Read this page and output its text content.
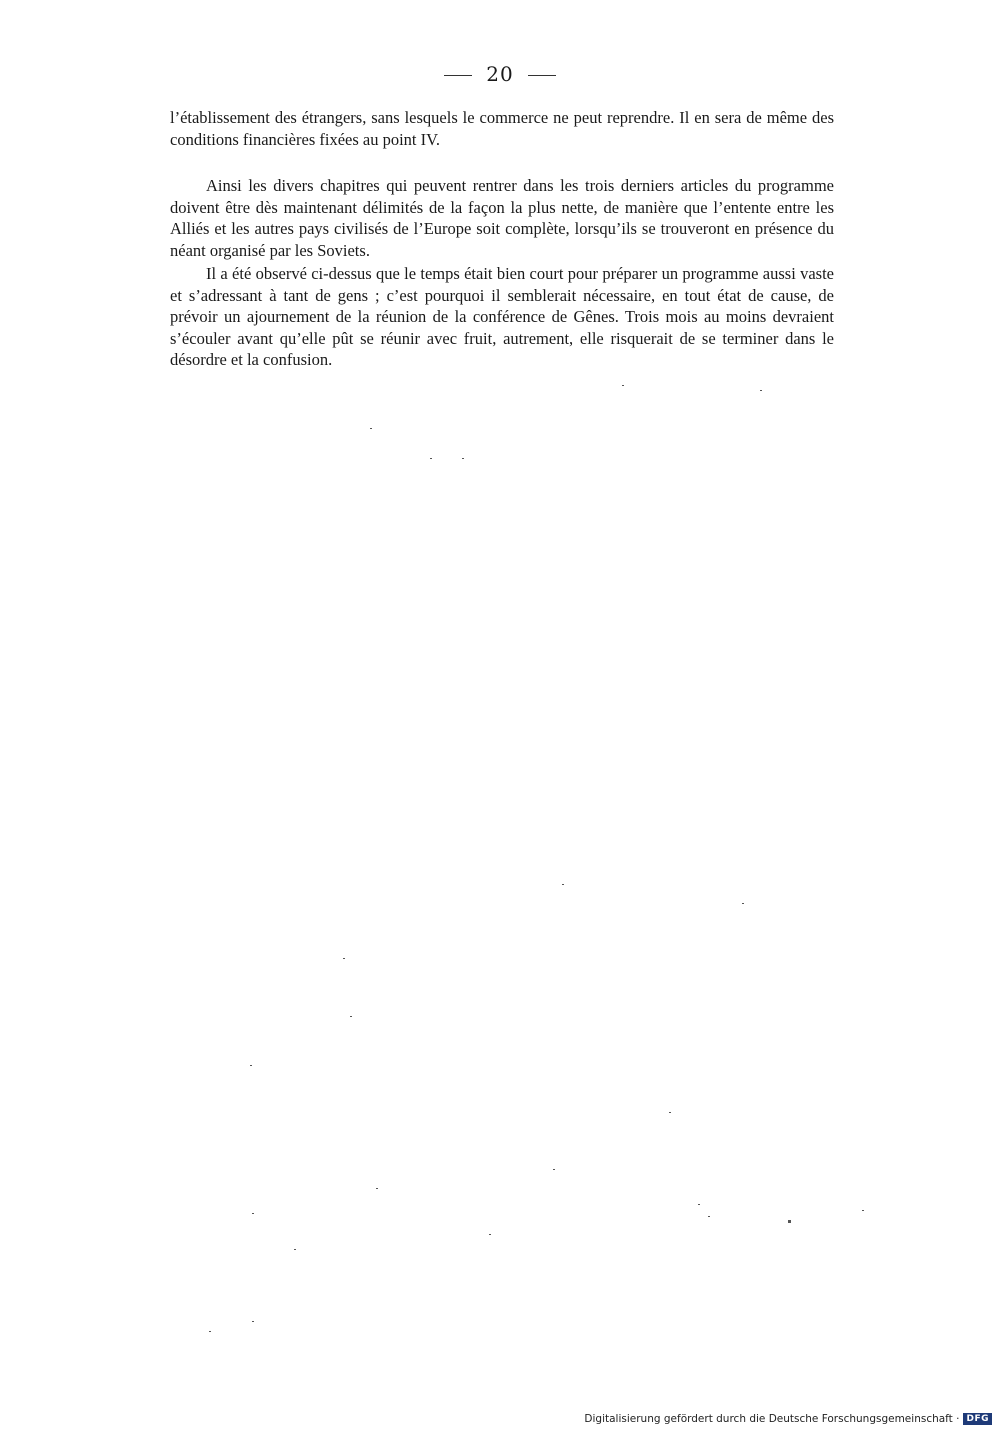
20

l’établissement des étrangers, sans lesquels le commerce ne peut reprendre. Il en sera de même des conditions financières fixées au point IV.

Ainsi les divers chapitres qui peuvent rentrer dans les trois derniers articles du programme doivent être dès maintenant délimités de la façon la plus nette, de manière que l’entente entre les Alliés et les autres pays civilisés de l’Europe soit complète, lorsqu’ils se trouveront en présence du néant organisé par les Soviets.

Il a été observé ci-dessus que le temps était bien court pour préparer un programme aussi vaste et s’adressant à tant de gens ; c’est pourquoi il semblerait nécessaire, en tout état de cause, de prévoir un ajournement de la réunion de la conférence de Gênes. Trois mois au moins devraient s’écouler avant qu’elle pût se réunir avec fruit, autrement, elle risquerait de se terminer dans le désordre et la confusion.

Digitalisierung gefördert durch die Deutsche Forschungsgemeinschaft · DFG
